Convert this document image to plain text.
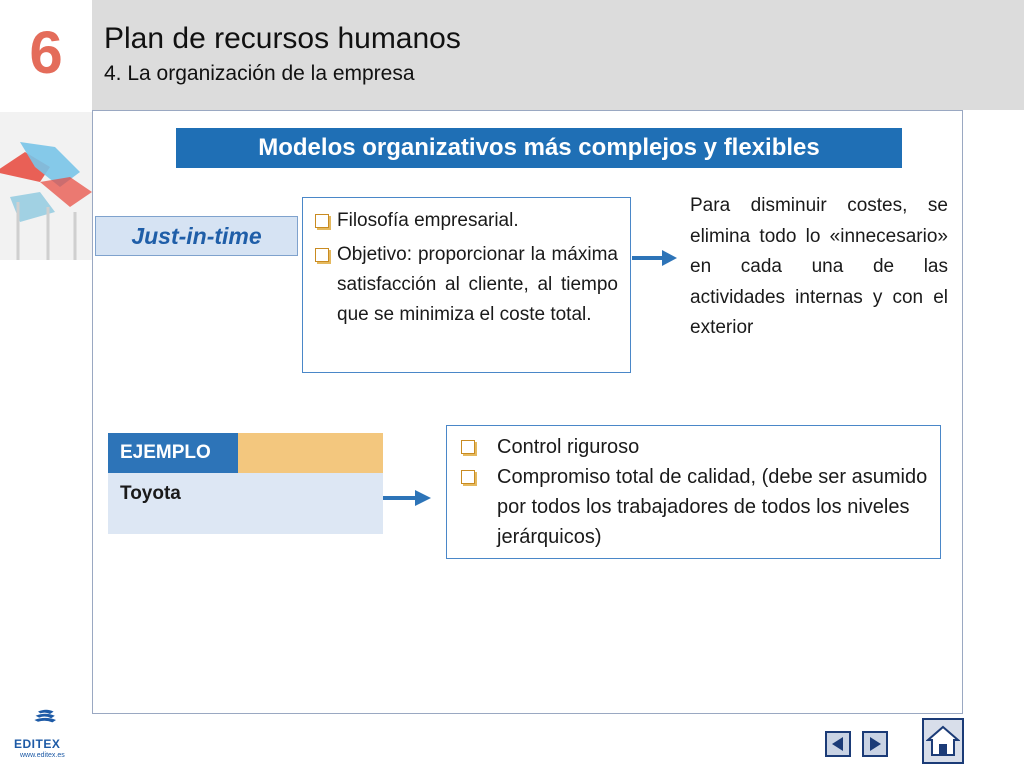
6	Plan de recursos humanos
4. La organización de la empresa
Modelos organizativos más complejos y flexibles
Just-in-time
Filosofía empresarial.
Objetivo: proporcionar la máxima satisfacción al cliente, al tiempo que se minimiza el coste total.
Para disminuir costes, se elimina todo lo «innecesario» en cada una de las actividades internas y con el exterior
EJEMPLO
Toyota
Control riguroso
Compromiso total de calidad, (debe ser asumido por todos los trabajadores de todos los niveles jerárquicos)
EDITEX
www.editex.es
